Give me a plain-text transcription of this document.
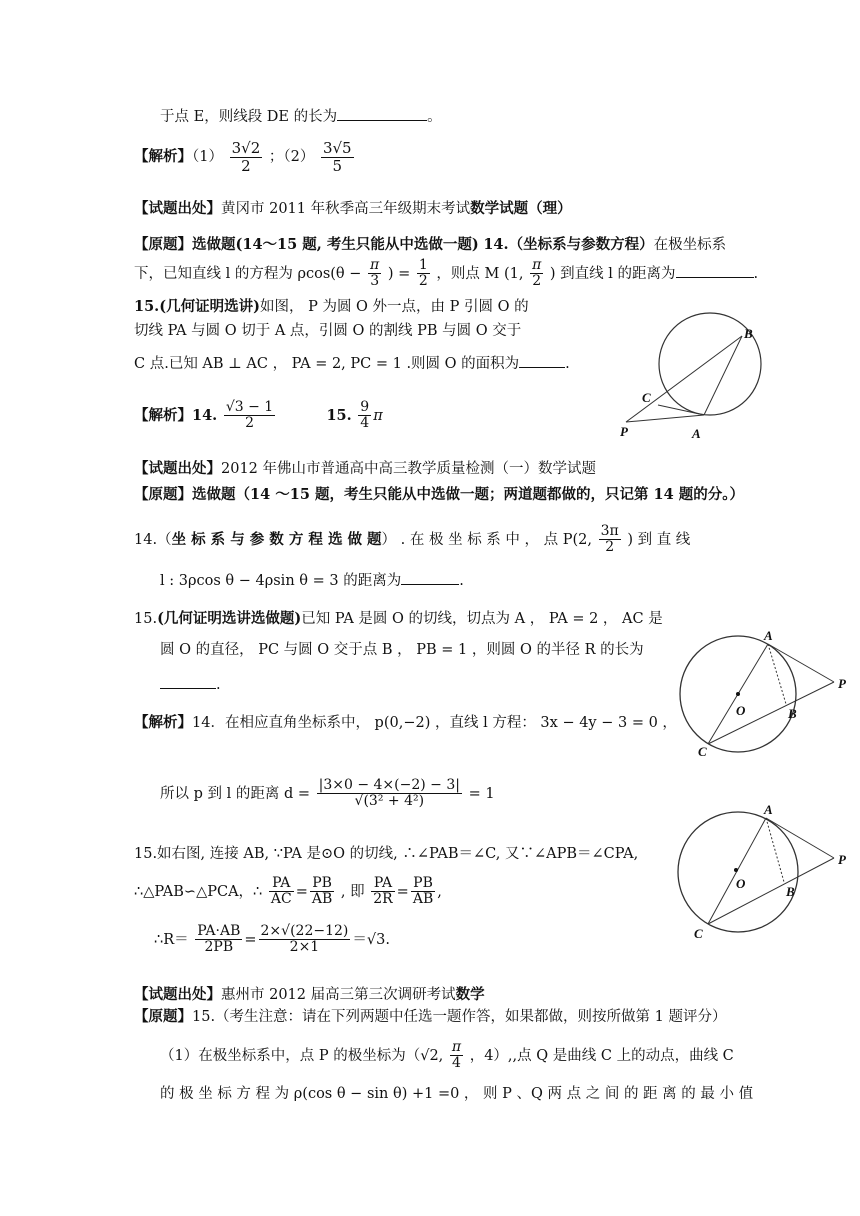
于点 E，则线段 DE 的长为	。
【解析】$(1) \frac{3√2}{2}$ ；$(2) \frac{3√5}{5}$
【试题出处】黄冈市 2011 年秋季高三年级期末考试数学试题（理）
【原题】选做题(14～15 题, 考生只能从中选做一题) 14.（坐标系与参数方程）在极坐标系
下，已知直线 l 的方程为 $\rho\cos(\theta - \frac{\pi}{3}$ ) = $\frac{1}{2}$ ，则点 M (1, $\frac{\pi}{2}$ ) 到直线 l 的距离为	.
15.(几何证明选讲)如图， P 为圆 O 外一点，由 P 引圆 O 的
切线 PA 与圆 O 切于 A 点，引圆 O 的割线 PB 与圆 O 交于
C 点.已知 AB ⊥ AC ， PA = 2, PC = 1 .则圆 O 的面积为	.
【解析】14. $\frac{√3 - 1}{2}$	15. $\frac{9}{4}$ π
【试题出处】2012 年佛山市普通高中高三教学质量检测（一）数学试题
B
C
P	A
【原题】选做题（14 ～15 题，考生只能从中选做一题；两道题都做的，只记第 14 题的分。）
14.（坐 标 系 与 参 数 方 程 选 做 题） . 在 极 坐 标 系 中 ， 点 P(2, $\frac{3\pi}{2}$ ) 到 直 线
l : 3ρcos θ − 4ρsin θ = 3 的距离为	.
15.(几何证明选讲选做题)已知 PA 是圆 O 的切线，切点为 A ， PA = 2 ， AC 是
圆 O 的直径， PC 与圆 O 交于点 B ， PB = 1 ，则圆 O 的半径 R 的长为
.
【解析】14．在相应直角坐标系中， p(0,−2) ，直线 l 方程： 3x − 4y − 3 = 0 ，
所以 p 到 l 的距离 $d = \frac{|3\times 0 - 4\times(-2) - 3|}{\text{√(3² + 4²)}} = 1$
15.如右图, 连接 AB, ∵PA 是⊙O 的切线, ∴∠PAB＝∠C, 又∵∠APB＝∠CPA,
∴△PAB∽△PCA，∴ $\frac{PA}{AC} = \frac{PB}{AB}$ , 即 $\frac{PA}{2R} = \frac{PB}{AB}$ ,
∴R＝ $\frac{PA\cdot AB}{2PB} = \frac{2\times√(22-12)}{2\times 1} =√3$.
【试题出处】惠州市 2012 届高三第三次调研考试数学
A
O	B
P
C
A
O
B
P
C
【原题】15.（考生注意：请在下列两题中任选一题作答，如果都做，则按所做第 1 题评分）
（1）在极坐标系中，点 P 的极坐标为（√2, $\frac{\pi}{4}$ ，4）,,点 Q 是曲线 C 上的动点，曲线 C
的 极 坐 标 方 程 为 ρ(cos θ − sin θ) +1 =0 ， 则 P 、Q 两 点 之 间 的 距 离 的 最 小 值
